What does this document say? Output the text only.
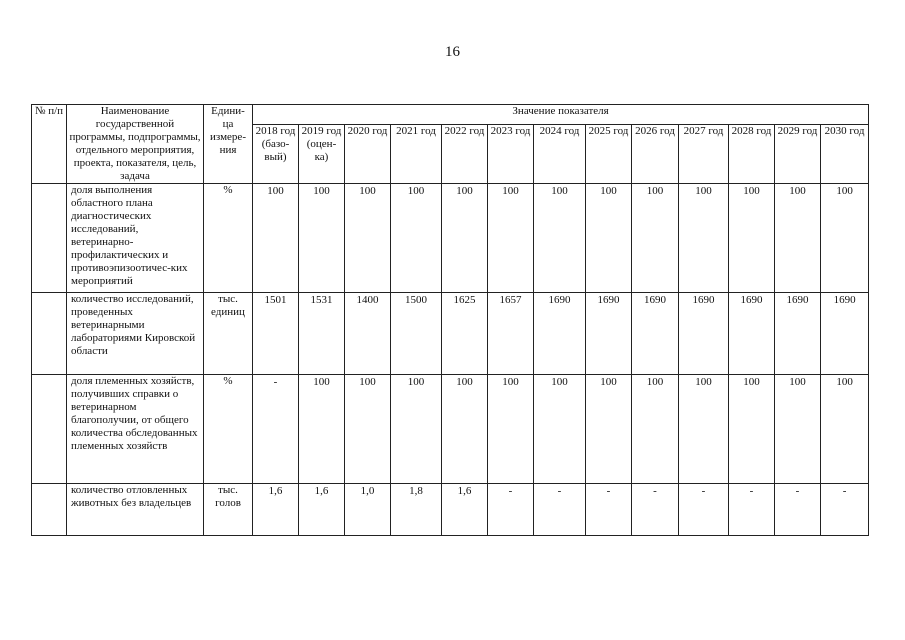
16
№ п/п	Наименование государственной программы, подпрограммы, отдельного мероприятия, проекта, показателя, цель, задача	Едини-ца измере-ния	Значение показателя												
			2018 год (базо-вый)	2019 год (оцен-ка)	2020 год	2021 год	2022 год	2023 год	2024 год	2025 год	2026 год	2027 год	2028 год	2029 год	2030 год
	доля выполнения областного плана диагностических исследований, ветеринарно-профилактических и противоэпизоотичес-ких мероприятий	%	100	100	100	100	100	100	100	100	100	100	100	100	100
	количество исследований, проведенных ветеринарными лабораториями Кировской области	тыс. единиц	1501	1531	1400	1500	1625	1657	1690	1690	1690	1690	1690	1690	1690
	доля племенных хозяйств, получивших справки о ветеринарном благополучии, от общего количества обследованных племенных хозяйств	%	-	100	100	100	100	100	100	100	100	100	100	100	100
	количество отловленных животных без владельцев	тыс. голов	1,6	1,6	1,0	1,8	1,6	-	-	-	-	-	-	-	-
